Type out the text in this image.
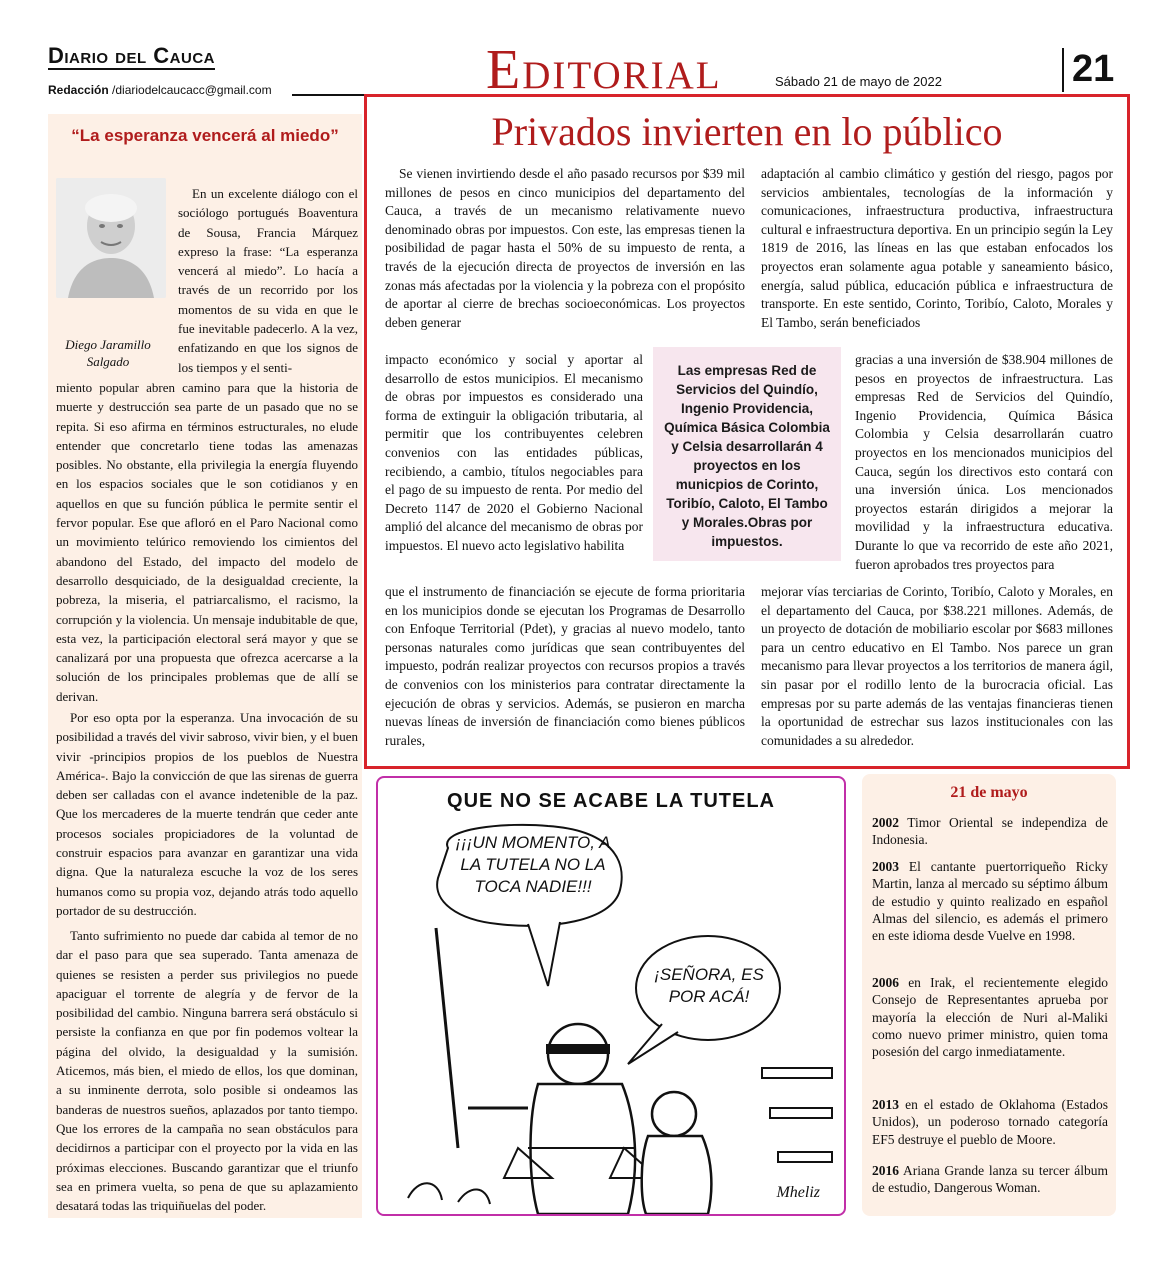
Diario del Cauca
Redacción /diariodelcaucacc@gmail.com	Editorial	Sábado 21 de mayo de 2022	21
“La esperanza vencerá al miedo”
Diego Jaramillo Salgado
En un excelente diálogo con el sociólogo portugués Boaventura de Sousa, Francia Márquez expreso la frase: “La esperanza vencerá al miedo”. Lo hacía a través de un recorrido por los momentos de su vida en que le fue inevitable padecerlo. A la vez, enfatizando en que los signos de los tiempos y el senti-
miento popular abren camino para que la historia de muerte y destrucción sea parte de un pasado que no se repita. Si eso afirma en términos estructurales, no elude entender que concretarlo tiene todas las amenazas posibles. No obstante, ella privilegia la energía fluyendo en los espacios sociales que le son cotidianos y en aquellos en que su función pública le permite sentir el fervor popular. Ese que afloró en el Paro Nacional como un movimiento telúrico removiendo los cimientos del abandono del Estado, del impacto del modelo de desarrollo desquiciado, de la desigualdad creciente, la pobreza, la miseria, el patriarcalismo, el racismo, la corrupción y la violencia. Un mensaje indubitable de que, esta vez, la participación electoral será mayor y que se canalizará por una propuesta que ofrezca acercarse a la solución de los principales problemas que de allí se derivan.
Por eso opta por la esperanza. Una invocación de su posibilidad a través del vivir sabroso, vivir bien, y el buen vivir -principios propios de los pueblos de Nuestra América-. Bajo la convicción de que las sirenas de guerra deben ser calladas con el avance indetenible de la paz. Que los mercaderes de la muerte tendrán que ceder ante procesos sociales propiciadores de la voluntad de construir espacios para avanzar en garantizar una vida digna. Que la naturaleza escuche la voz de los seres humanos como su propia voz, dejando atrás todo aquello portador de su destrucción.
Tanto sufrimiento no puede dar cabida al temor de no dar el paso para que sea superado. Tanta amenaza de quienes se resisten a perder sus privilegios no puede apaciguar el torrente de alegría y de fervor de la posibilidad del cambio. Ninguna barrera será obstáculo si persiste la confianza en que por fin podemos voltear la página del olvido, la desigualdad y la sumisión. Aticemos, más bien, el miedo de ellos, los que dominan, a su inminente derrota, solo posible si ondeamos las banderas de nuestros sueños, aplazados por tanto tiempo. Que los errores de la campaña no sean obstáculos para decidirnos a participar con el proyecto por la vida en las próximas elecciones. Buscando garantizar que el triunfo sea en primera vuelta, so pena de que su aplazamiento desatará todas las triquiñuelas del poder.
Privados invierten en lo público
Se vienen invirtiendo desde el año pasado recursos por $39 mil millones de pesos en cinco municipios del departamento del Cauca, a través de un mecanismo relativamente nuevo denominado obras por impuestos. Con este, las empresas tienen la posibilidad de pagar hasta el 50% de su impuesto de renta, a través de la ejecución directa de proyectos de inversión en las zonas más afectadas por la violencia y la pobreza con el propósito de aportar al cierre de brechas socioeconómicas. Los proyectos deben generar
impacto económico y social y aportar al desarrollo de estos municipios. El mecanismo de obras por impuestos es considerado una forma de extinguir la obligación tributaria, al permitir que los contribuyentes celebren convenios con las entidades públicas, recibiendo, a cambio, títulos negociables para el pago de su impuesto de renta. Por medio del Decreto 1147 de 2020 el Gobierno Nacional amplió del alcance del mecanismo de obras por impuestos. El nuevo acto legislativo habilita
que el instrumento de financiación se ejecute de forma prioritaria en los municipios donde se ejecutan los Programas de Desarrollo con Enfoque Territorial (Pdet), y gracias al nuevo modelo, tanto personas naturales como jurídicas que sean contribuyentes del impuesto, podrán realizar proyectos con recursos propios a través de convenios con los ministerios para contratar directamente la ejecución de obras y servicios. Además, se pusieron en marcha nuevas líneas de inversión de financiación como bienes públicos rurales,
adaptación al cambio climático y gestión del riesgo, pagos por servicios ambientales, tecnologías de la información y comunicaciones, infraestructura productiva, infraestructura cultural e infraestructura deportiva. En un principio según la Ley 1819 de 2016, las líneas en las que estaban enfocados los proyectos eran solamente agua potable y saneamiento básico, energía, salud pública, educación pública e infraestructura de transporte. En este sentido, Corinto, Toribío, Caloto, Morales y El Tambo, serán beneficiados
gracias a una inversión de $38.904 millones de pesos en proyectos de infraestructura. Las empresas Red de Servicios del Quindío, Ingenio Providencia, Química Básica Colombia y Celsia desarrollarán cuatro proyectos en los mencionados municipios del Cauca, según los directivos esto contará con una inversión única. Los mencionados proyectos estarán dirigidos a mejorar la movilidad y la infraestructura educativa. Durante lo que va recorrido de este año 2021, fueron aprobados tres proyectos para
mejorar vías terciarias de Corinto, Toribío, Caloto y Morales, en el departamento del Cauca, por $38.221 millones. Además, de un proyecto de dotación de mobiliario escolar por $683 millones para un centro educativo en El Tambo. Nos parece un gran mecanismo para llevar proyectos a los territorios de manera ágil, sin pasar por el rodillo lento de la burocracia oficial. Las empresas por su parte además de las ventajas financieras tienen la oportunidad de estrechar sus lazos institucionales con las comunidades a su alrededor.
Las empresas Red de Servicios del Quindío, Ingenio Providencia, Química Básica Colombia y Celsia desarrollarán 4 proyectos en los municpios de Corinto, Toribío, Caloto, El Tambo y Morales.Obras por impuestos.
QUE NO SE ACABE LA TUTELA
¡¡¡UN MOMENTO, A LA TUTELA NO LA TOCA NADIE!!!
¡SEÑORA, ES POR ACÁ!
Mheliz
21 de mayo
2002 Timor Oriental se independiza de Indonesia.
2003 El cantante puertorriqueño Ricky Martin, lanza al mercado su séptimo álbum de estudio y quinto realizado en español Almas del silencio, es además el primero en este idioma desde Vuelve en 1998.
2006 en Irak, el recientemente elegido Consejo de Representantes aprueba por mayoría la elección de Nuri al-Maliki como nuevo primer ministro, quien toma posesión del cargo inmediatamente.
2013 en el estado de Oklahoma (Estados Unidos), un poderoso tornado categoría EF5 destruye el pueblo de Moore.
2016 Ariana Grande lanza su tercer álbum de estudio, Dangerous Woman.
